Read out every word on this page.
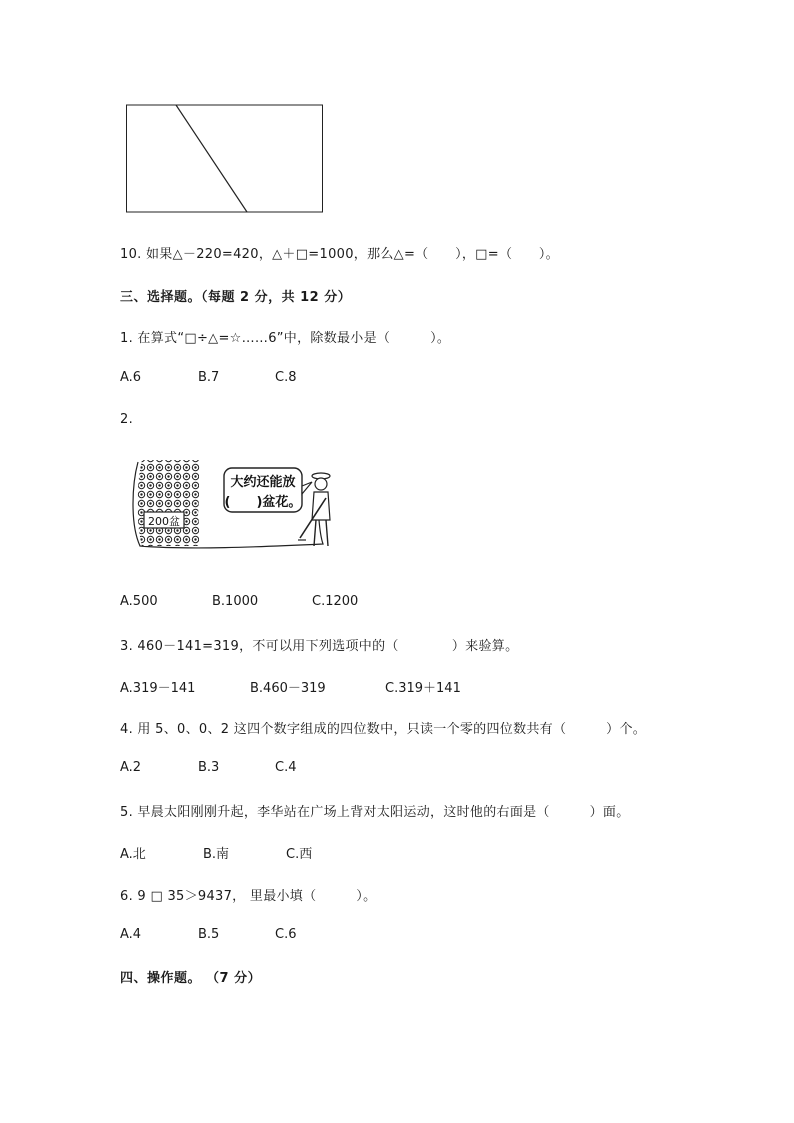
10. 如果△－220=420，△＋□=1000，那么△=（　　），□=（　　）。
三、选择题。（每题 2 分，共 12 分）
1. 在算式“□÷△=☆……6”中，除数最小是（　　　）。
A.6	B.7	C.8
2.
200盆
大约还能放
(　　)盆花。
A.500	B.1000	C.1200
3. 460－141=319，不可以用下列选项中的（　　　　）来验算。
A.319－141	B.460－319	C.319＋141
4. 用 5、0、0、2 这四个数字组成的四位数中，只读一个零的四位数共有（　　　）个。
A.2	B.3	C.4
5. 早晨太阳刚刚升起，李华站在广场上背对太阳运动，这时他的右面是（　　　）面。
A.北	B.南	C.西
6. 9 □ 35＞9437， 里最小填（　　　）。
A.4	B.5	C.6
四、操作题。 （7 分）
